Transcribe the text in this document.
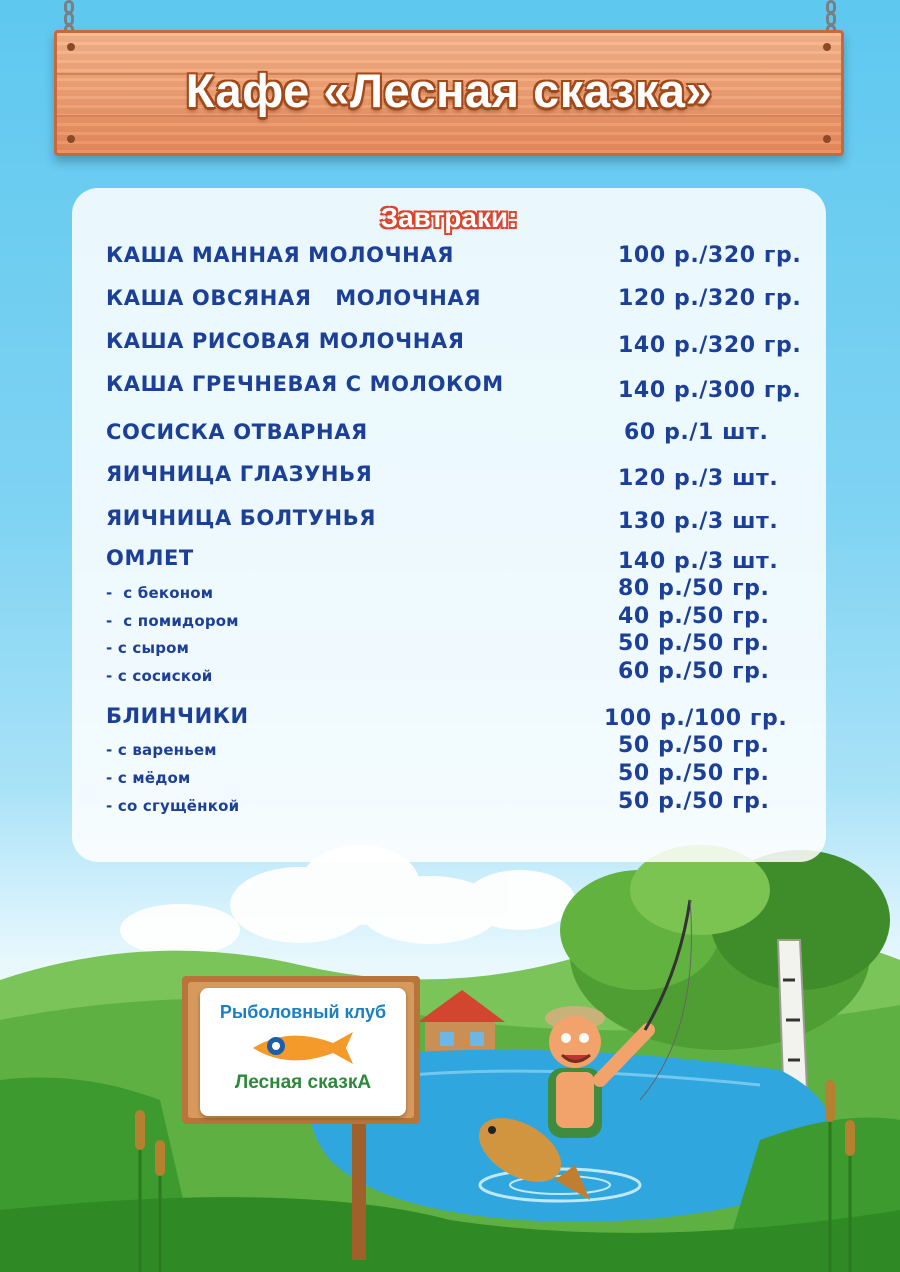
Кафе «Лесная сказка»
Рыболовный клуб
Лесная сказкА
Завтраки:
КАША МАННАЯ МОЛОЧНАЯ	100 р./320 гр.
КАША ОВСЯНАЯ   МОЛОЧНАЯ	120 р./320 гр.
КАША РИСОВАЯ МОЛОЧНАЯ	140 р./320 гр.
КАША ГРЕЧНЕВАЯ С МОЛОКОМ	140 р./300 гр.
СОСИСКА ОТВАРНАЯ	60 р./1 шт.
ЯИЧНИЦА ГЛАЗУНЬЯ	120 р./3 шт.
ЯИЧНИЦА БОЛТУНЬЯ	130 р./3 шт.
ОМЛЕТ	140 р./3 шт.
-  с беконом	80 р./50 гр.
-  с помидором	40 р./50 гр.
- с сыром	50 р./50 гр.
- с сосиской	60 р./50 гр.
БЛИНЧИКИ	100 р./100 гр.
- с вареньем	50 р./50 гр.
- с мёдом	50 р./50 гр.
- со сгущёнкой	50 р./50 гр.
